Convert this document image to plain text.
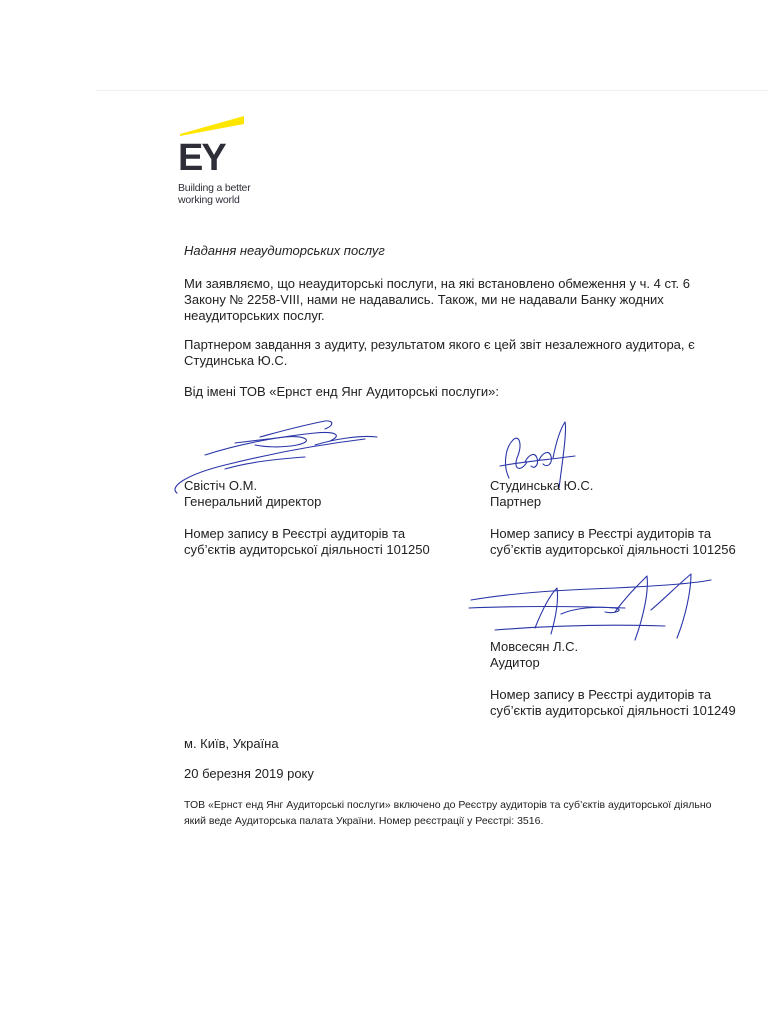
EY
Building a better
working world
Надання неаудиторських послуг
Ми заявляємо, що неаудиторські послуги, на які встановлено обмеження у ч. 4 ст. 6
Закону № 2258-VIII, нами не надавались. Також, ми не надавали Банку жодних
неаудиторських послуг.
Партнером завдання з аудиту, результатом якого є цей звіт незалежного аудитора, є
Студинська Ю.С.
Від імені ТОВ «Ернст енд Янг Аудиторські послуги»:
Свістіч О.М.
Генеральний директор
Номер запису в Реєстрі аудиторів та
суб’єктів аудиторської діяльності 101250
Студинська Ю.С.
Партнер
Номер запису в Реєстрі аудиторів та
суб’єктів аудиторської діяльності 101256
Мовсесян Л.С.
Аудитор
Номер запису в Реєстрі аудиторів та
суб’єктів аудиторської діяльності 101249
м. Київ, Україна
20 березня 2019 року
ТОВ «Ернст енд Янг Аудиторські послуги» включено до Реєстру аудиторів та суб’єктів аудиторської діяльно
який веде Аудиторська палата України. Номер реєстрації у Реєстрі: 3516.
